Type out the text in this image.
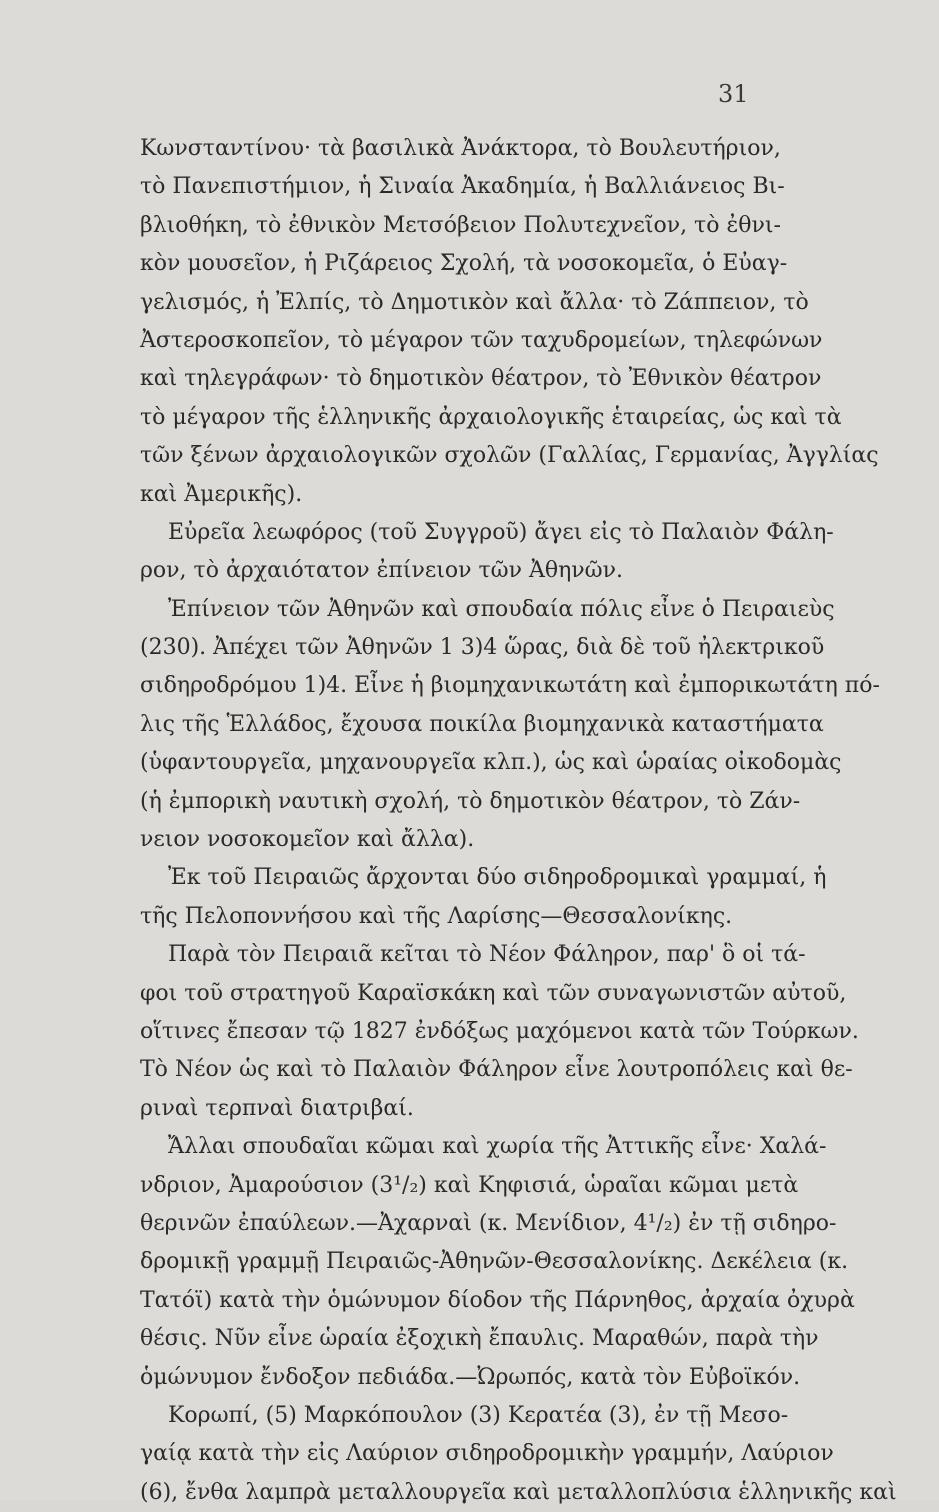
31
Κωνσταντίνου· τὰ βασιλικὰ Ἀνάκτορα, τὸ Βουλευτήριον,
τὸ Πανεπιστήμιον, ἡ Σιναία Ἀκαδημία, ἡ Βαλλιάνειος Βι-
βλιοθήκη, τὸ ἐθνικὸν Μετσόβειον Πολυτεχνεῖον, τὸ ἐθνι-
κὸν μουσεῖον, ἡ Ριζάρειος Σχολή, τὰ νοσοκομεῖα, ὁ Εὐαγ-
γελισμός, ἡ Ἐλπίς, τὸ Δημοτικὸν καὶ ἄλλα· τὸ Ζάππειον, τὸ
Ἀστεροσκοπεῖον, τὸ μέγαρον τῶν ταχυδρομείων, τηλεφώνων
καὶ τηλεγράφων· τὸ δημοτικὸν θέατρον, τὸ Ἐθνικὸν θέατρον
τὸ μέγαρον τῆς ἑλληνικῆς ἀρχαιολογικῆς ἑταιρείας, ὡς καὶ τὰ
τῶν ξένων ἀρχαιολογικῶν σχολῶν (Γαλλίας, Γερμανίας, Ἀγγλίας
καὶ Ἀμερικῆς).
Εὐρεῖα λεωφόρος (τοῦ Συγγροῦ) ἄγει εἰς τὸ Παλαιὸν Φάλη-
ρον, τὸ ἀρχαιότατον ἐπίνειον τῶν Ἀθηνῶν.
Ἐπίνειον τῶν Ἀθηνῶν καὶ σπουδαία πόλις εἶνε ὁ Πειραιεὺς
(230). Ἀπέχει τῶν Ἀθηνῶν 1 3)4 ὥρας, διὰ δὲ τοῦ ἠλεκτρικοῦ
σιδηροδρόμου 1)4. Εἶνε ἡ βιομηχανικωτάτη καὶ ἐμπορικωτάτη πό-
λις τῆς Ἑλλάδος, ἔχουσα ποικίλα βιομηχανικὰ καταστήματα
(ὑφαντουργεῖα, μηχανουργεῖα κλπ.), ὡς καὶ ὡραίας οἰκοδομὰς
(ἡ ἐμπορικὴ ναυτικὴ σχολή, τὸ δημοτικὸν θέατρον, τὸ Ζάν-
νειον νοσοκομεῖον καὶ ἄλλα).
Ἐκ τοῦ Πειραιῶς ἄρχονται δύο σιδηροδρομικαὶ γραμμαί, ἡ
τῆς Πελοποννήσου καὶ τῆς Λαρίσης—Θεσσαλονίκης.
Παρὰ τὸν Πειραιᾶ κεῖται τὸ Νέον Φάληρον, παρ' ὃ οἱ τά-
φοι τοῦ στρατηγοῦ Καραϊσκάκη καὶ τῶν συναγωνιστῶν αὐτοῦ,
οἵτινες ἔπεσαν τῷ 1827 ἐνδόξως μαχόμενοι κατὰ τῶν Τούρκων.
Τὸ Νέον ὡς καὶ τὸ Παλαιὸν Φάληρον εἶνε λουτροπόλεις καὶ θε-
ριναὶ τερπναὶ διατριβαί.
Ἄλλαι σπουδαῖαι κῶμαι καὶ χωρία τῆς Ἀττικῆς εἶνε· Χαλά-
νδριον, Ἀμαρούσιον (3¹/₂) καὶ Κηφισιά, ὡραῖαι κῶμαι μετὰ
θερινῶν ἐπαύλεων.—Ἀχαρναὶ (κ. Μενίδιον, 4¹/₂) ἐν τῇ σιδηρο-
δρομικῇ γραμμῇ Πειραιῶς-Ἀθηνῶν-Θεσσαλονίκης. Δεκέλεια (κ.
Τατόϊ) κατὰ τὴν ὁμώνυμον δίοδον τῆς Πάρνηθος, ἀρχαία ὀχυρὰ
θέσις. Νῦν εἶνε ὡραία ἐξοχικὴ ἔπαυλις. Μαραθών, παρὰ τὴν
ὁμώνυμον ἔνδοξον πεδιάδα.—Ὠρωπός, κατὰ τὸν Εὐβοϊκόν.
Κορωπί, (5) Μαρκόπουλον (3) Κερατέα (3), ἐν τῇ Μεσο-
γαίᾳ κατὰ τὴν εἰς Λαύριον σιδηροδρομικὴν γραμμήν, Λαύριον
(6), ἔνθα λαμπρὰ μεταλλουργεῖα καὶ μεταλλοπλύσια ἑλληνικῆς καὶ
